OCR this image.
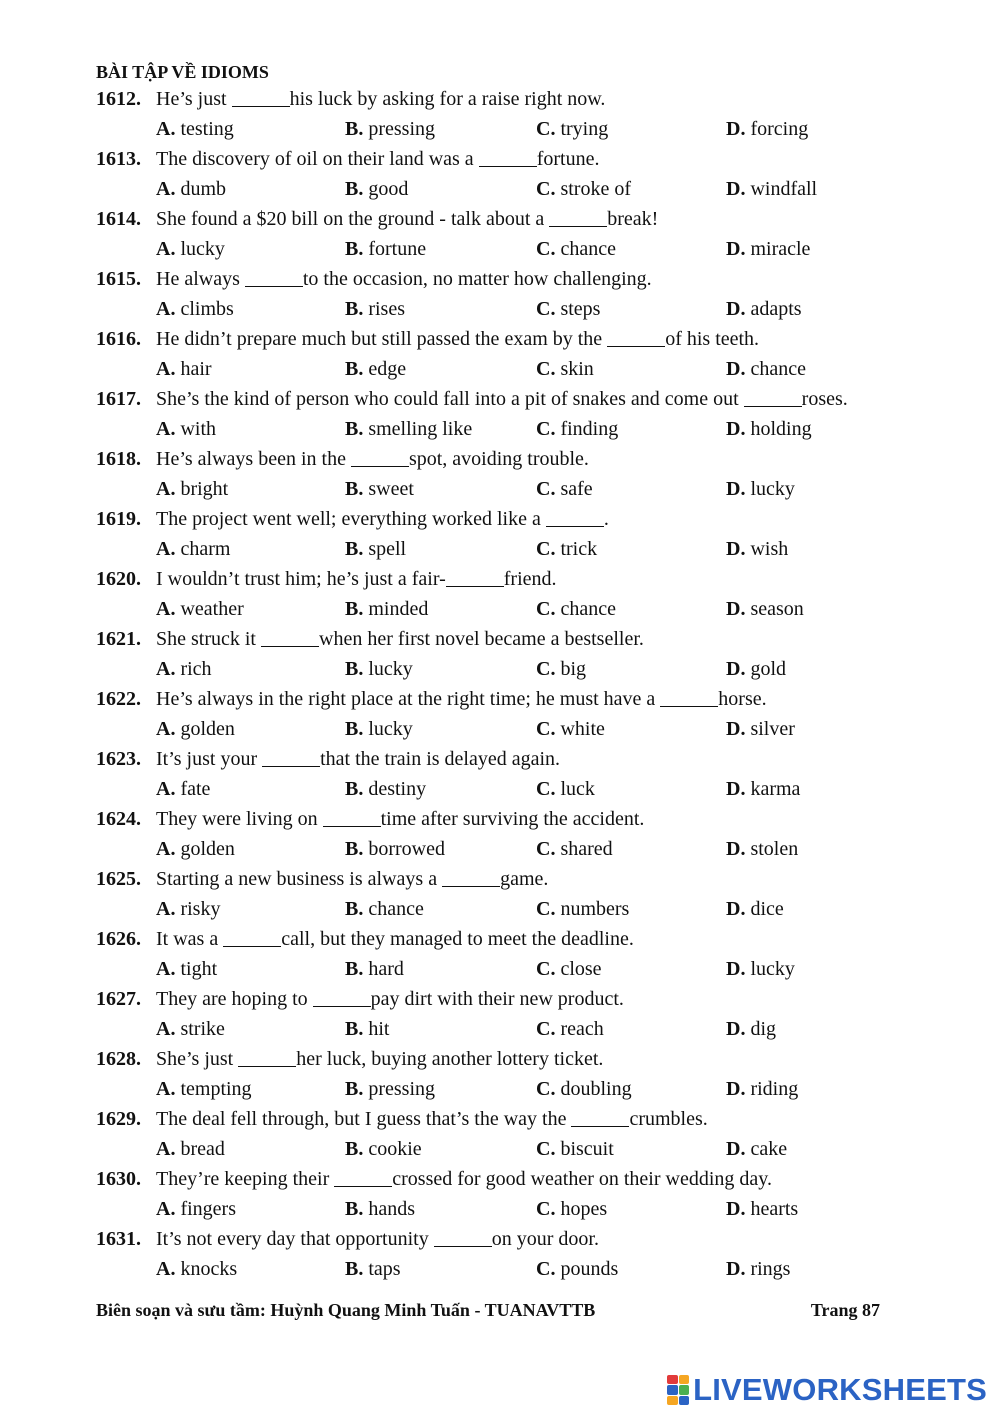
BÀI TẬP VỀ IDIOMS
1612. He’s just	his luck by asking for a raise right now.
A. testing	B. pressing	C. trying	D. forcing
1613. The discovery of oil on their land was a	fortune.
A. dumb	B. good	C. stroke of	D. windfall
1614. She found a $20 bill on the ground - talk about a	break!
A. lucky	B. fortune	C. chance	D. miracle
1615. He always	to the occasion, no matter how challenging.
A. climbs	B. rises	C. steps	D. adapts
1616. He didn’t prepare much but still passed the exam by the	of his teeth.
A. hair	B. edge	C. skin	D. chance
1617. She’s the kind of person who could fall into a pit of snakes and come out	roses.
A. with	B. smelling like	C. finding	D. holding
1618. He’s always been in the	spot, avoiding trouble.
A. bright	B. sweet	C. safe	D. lucky
1619. The project went well; everything worked like a	.
A. charm	B. spell	C. trick	D. wish
1620. I wouldn’t trust him; he’s just a fair-	friend.
A. weather	B. minded	C. chance	D. season
1621. She struck it	when her first novel became a bestseller.
A. rich	B. lucky	C. big	D. gold
1622. He’s always in the right place at the right time; he must have a	horse.
A. golden	B. lucky	C. white	D. silver
1623. It’s just your	that the train is delayed again.
A. fate	B. destiny	C. luck	D. karma
1624. They were living on	time after surviving the accident.
A. golden	B. borrowed	C. shared	D. stolen
1625. Starting a new business is always a	game.
A. risky	B. chance	C. numbers	D. dice
1626. It was a	call, but they managed to meet the deadline.
A. tight	B. hard	C. close	D. lucky
1627. They are hoping to	pay dirt with their new product.
A. strike	B. hit	C. reach	D. dig
1628. She’s just	her luck, buying another lottery ticket.
A. tempting	B. pressing	C. doubling	D. riding
1629. The deal fell through, but I guess that’s the way the	crumbles.
A. bread	B. cookie	C. biscuit	D. cake
1630. They’re keeping their	crossed for good weather on their wedding day.
A. fingers	B. hands	C. hopes	D. hearts
1631. It’s not every day that opportunity	on your door.
A. knocks	B. taps	C. pounds	D. rings
Biên soạn và sưu tầm: Huỳnh Quang Minh Tuấn - TUANAVTTB	Trang 87
LIVEWORKSHEETS
